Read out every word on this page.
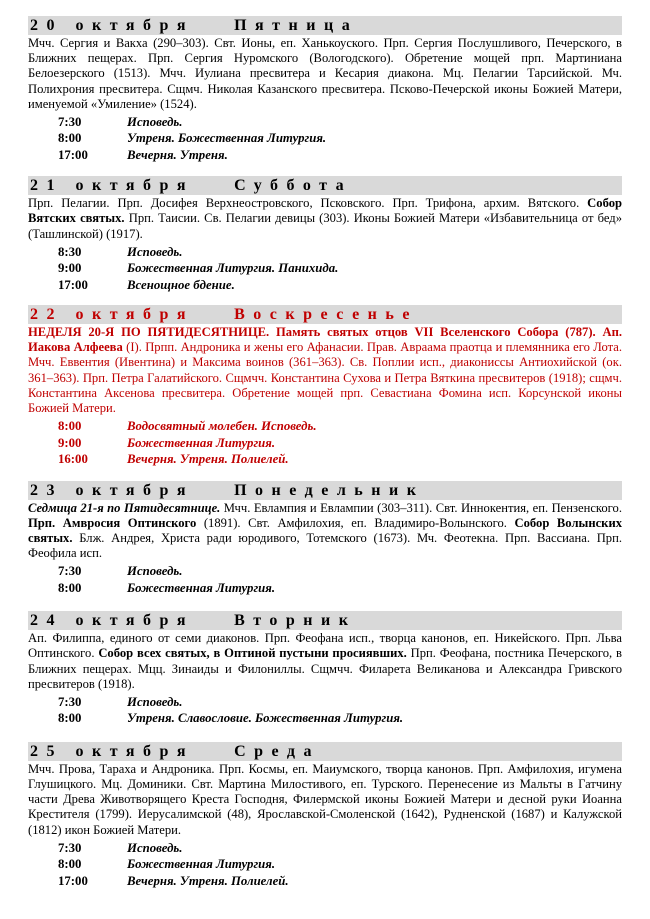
20 октября	Пятница

Мчч. Сергия и Вакха (290–303). Свт. Ионы, еп. Ханькоуского. Прп. Сергия Послушливого, Печерского, в Ближних пещерах. Прп. Сергия Нуромского (Вологодского). Обретение мощей прп. Мартиниана Белоезерского (1513). Мчч. Иулиана пресвитера и Кесария диакона. Мц. Пелагии Тарсийской. Мч. Полихрония пресвитера. Сщмч. Николая Казанского пресвитера. Псково-Печерской иконы Божией Матери, именуемой «Умиление» (1524).

7:30	Исповедь.
8:00	Утреня. Божественная Литургия.
17:00	Вечерня. Утреня.
21 октября	Суббота

Прп. Пелагии. Прп. Досифея Верхнеостровского, Псковского. Прп. Трифона, архим. Вятского. Собор Вятских святых. Прп. Таисии. Св. Пелагии девицы (303). Иконы Божией Матери «Избавительница от бед» (Ташлинской) (1917).

8:30	Исповедь.
9:00	Божественная Литургия. Панихида.
17:00	Всенощное бдение.
22 октября	Воскресенье

НЕДЕЛЯ 20-Я ПО ПЯТИДЕСЯТНИЦЕ. Память святых отцов VII Вселенского Собора (787). Ап. Иакова Алфеева (I). Прпп. Андроника и жены его Афанасии. Прав. Авраама праотца и племянника его Лота. Мчч. Еввентия (Ивентина) и Максима воинов (361–363). Св. Поплии исп., диакониссы Антиохийской (ок. 361–363). Прп. Петра Галатийского. Сщмчч. Константина Сухова и Петра Вяткина пресвитеров (1918); сщмч. Константина Аксенова пресвитера. Обретение мощей прп. Севастиана Фомина исп. Корсунской иконы Божией Матери.

8:00	Водосвятный молебен. Исповедь.
9:00	Божественная Литургия.
16:00	Вечерня. Утреня. Полиелей.
23 октября	Понедельник

Седмица 21-я по Пятидесятнице. Мчч. Евлампия и Евлампии (303–311). Свт. Иннокентия, еп. Пензенского. Прп. Амвросия Оптинского (1891). Свт. Амфилохия, еп. Владимиро-Волынского. Собор Волынских святых. Блж. Андрея, Христа ради юродивого, Тотемского (1673). Мч. Феотекна. Прп. Вассиана. Прп. Феофила исп.

7:30	Исповедь.
8:00	Божественная Литургия.
24 октября	Вторник

Ап. Филиппа, единого от семи диаконов. Прп. Феофана исп., творца канонов, еп. Никейского. Прп. Льва Оптинского. Собор всех святых, в Оптиной пустыни просиявших. Прп. Феофана, постника Печерского, в Ближних пещерах. Мцц. Зинаиды и Филониллы. Сщмчч. Филарета Великанова и Александра Гривского пресвитеров (1918).

7:30	Исповедь.
8:00	Утреня. Славословие. Божественная Литургия.
25 октября	Среда

Мчч. Прова, Тараха и Андроника. Прп. Космы, еп. Маиумского, творца канонов. Прп. Амфилохия, игумена Глушицкого. Мц. Доминики. Свт. Мартина Милостивого, еп. Турского. Перенесение из Мальты в Гатчину части Древа Животворящего Креста Господня, Филермской иконы Божией Матери и десной руки Иоанна Крестителя (1799). Иерусалимской (48), Ярославской-Смоленской (1642), Рудненской (1687) и Калужской (1812) икон Божией Матери.

7:30	Исповедь.
8:00	Божественная Литургия.
17:00	Вечерня. Утреня. Полиелей.
